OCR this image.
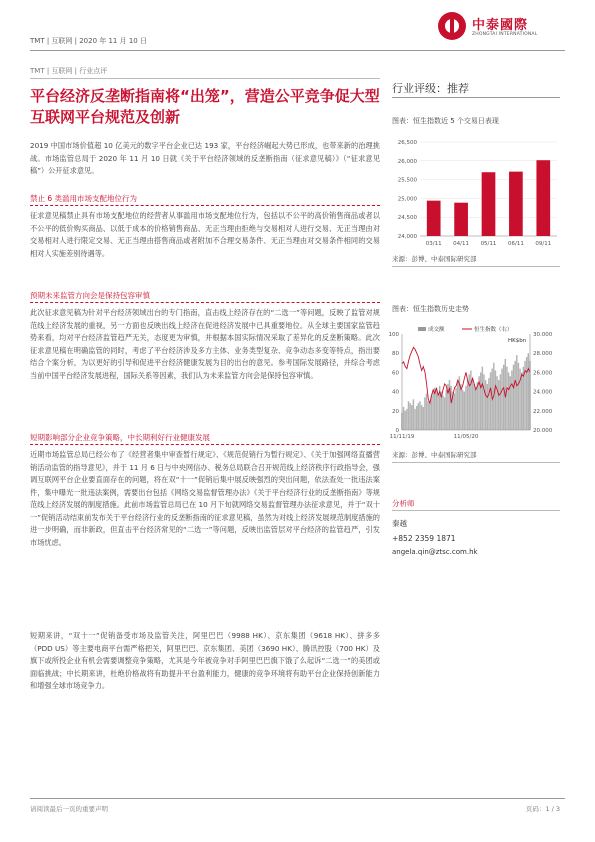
TMT | 互联网 | 2020 年 11 月 10 日
中泰國際
ZHONGTAI INTERNATIONAL
TMT | 互联网 | 行业点评
平台经济反垄断指南将“出笼”，营造公平竞争促大型互联网平台规范及创新
2019 中国市场价值超 10 亿美元的数字平台企业已达 193 家，平台经济崛起大势已形成，也带来新的治理挑战。市场监管总局于 2020 年 11 月 10 日就《关于平台经济领域的反垄断指南（征求意见稿）》（“征求意见稿”）公开征求意见。
禁止 6 类滥用市场支配地位行为
征求意见稿禁止具有市场支配地位的经营者从事滥用市场支配地位行为，包括以不公平的高价销售商品或者以不公平的低价购买商品、以低于成本的价格销售商品、无正当理由拒绝与交易相对人进行交易、无正当理由对交易相对人进行限定交易、无正当理由搭售商品或者附加不合理交易条件、无正当理由对交易条件相同的交易相对人实施差别待遇等。
预期未来监管方向会是保持包容审慎
此次征求意见稿为针对平台经济领域出台的专门指南，直击线上经济存在的“二选一”等问题，反映了监管对规范线上经济发展的重视，另一方面也反映出线上经济在促进经济发展中已具重要地位。从全球主要国家监管趋势来看，均对平台经济监管趋严无关，态度更为审慎，并根据本国实际情况采取了差异化的反垄断策略。此次征求意见稿在明确监管的同时，考虑了平台经济涉及多方主体、业务类型复杂、竞争动态多变等特点，指出要结合个案分析，为以更好的引导和促进平台经济健康发展为目的出台的意见。参考国际发展路径，并综合考虑当前中国平台经济发展进程，国际关系等因素，我们认为未来监管方向会是保持包容审慎。
短期影响部分企业竞争策略，中长期利好行业健康发展
近期市场监管总局已经公布了《经营者集中审查暂行规定》、《规范促销行为暂行规定》、《关于加强网络直播营销活动监管的指导意见》，并于 11 月 6 日与中央网信办、税务总局联合召开规范线上经济秩序行政指导会，强调互联网平台企业要直面存在的问题，将在双“十一”促销后集中展反映强烈的突出问题，依法查处一批违法案件，集中曝光一批违法案例，需要出台包括《网络交易监督管理办法》《关于平台经济行业的反垄断指南》等规范线上经济发展的制度措施。此前市场监管总局已在 10 月下旬就网络交易监督管理办法征求意见，并于“双十一”促销活动结束前发布关于平台经济行业的反垄断指南的征求意见稿，虽然为对线上经济发展规范制度措施的进一步明确，而非新政，但直击平台经济常见的“二选一”等问题，反映出监管层对平台经济的监管趋严，引发市场忧虑。
短期来讲，“双十一”促销备受市场及监管关注，阿里巴巴（9988 HK）、京东集团（9618 HK）、拼多多（PDD US）等主要电商平台需严格把关，阿里巴巴、京东集团、美团（3690 HK）、腾讯控股（700 HK）及旗下或所投企业有机会需要调整竞争策略，尤其是今年被竞争对手阿里巴巴旗下饿了么起诉“二选一”的美团或面临挑战；中长期来讲，杜绝价格战将有助提升平台盈利能力，健康的竞争环境将有助平台企业保持创新能力和增强全球市场竞争力。
行业评级：推荐
图表：恒生指数近 5 个交易日表现
24,000
24,500
25,000
25,500
26,000
26,500
03/11 04/11 05/11 06/11 09/11
来源：彭博、中泰国际研究部
图表：恒生指数历史走势
0
20
40
60
80
100
20.000
22.000
24.000
26.000
28.000
30.000
11/11/19	11/05/20
成交额	恒生指数（右）
HK$bn
来源：彭博、中泰国际研究部
分析师
秦越
+852 2359 1871
angela.qin@ztsc.com.hk
请阅读最后一页的重要声明	页码：1 / 3
